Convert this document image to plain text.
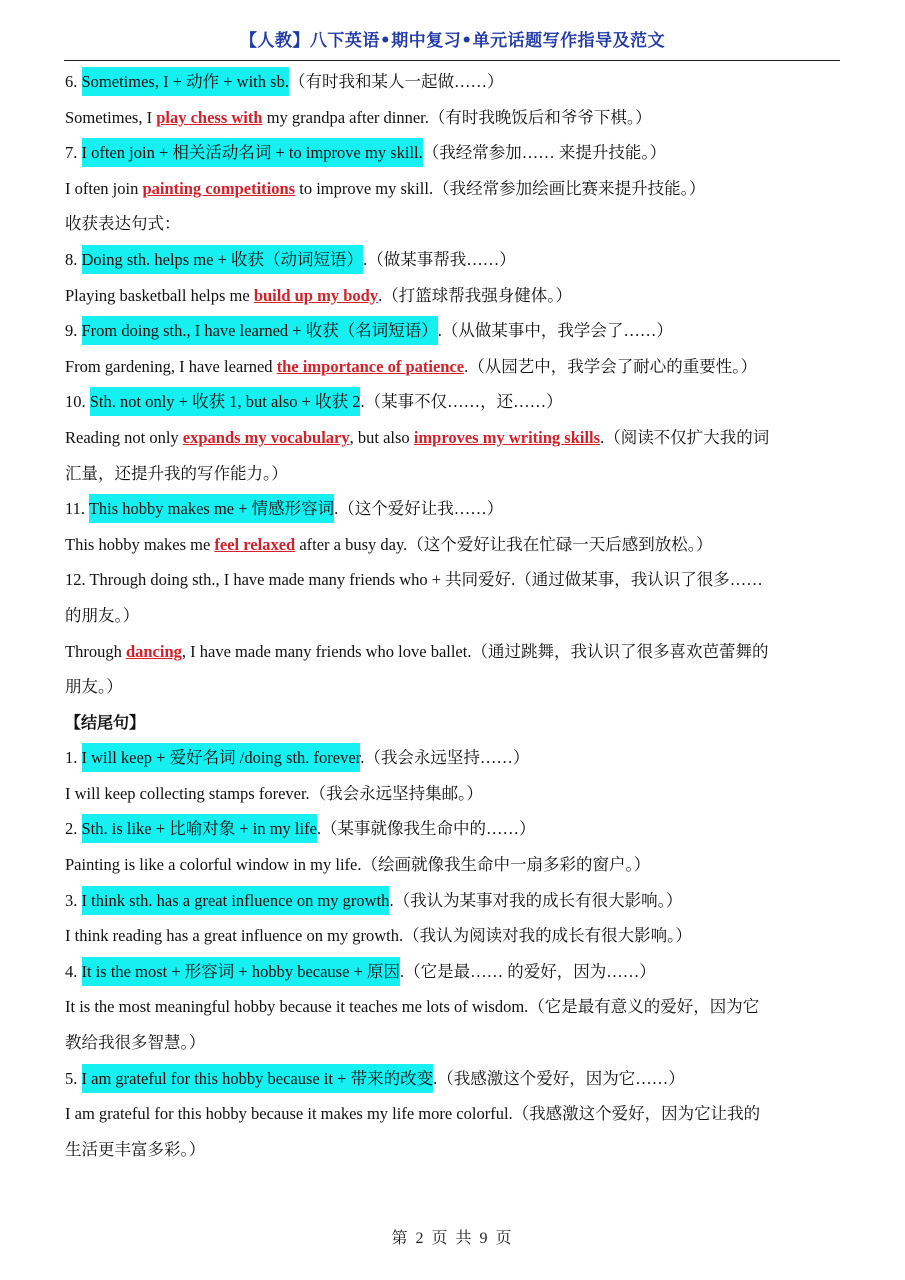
【人教】八下英语•期中复习•单元话题写作指导及范文
6. Sometimes, I + 动作 + with sb.（有时我和某人一起做……）
Sometimes, I play chess with my grandpa after dinner.（有时我晚饭后和爷爷下棋。）
7. I often join + 相关活动名词 + to improve my skill.（我经常参加…… 来提升技能。）
I often join painting competitions to improve my skill.（我经常参加绘画比赛来提升技能。）
收获表达句式：
8. Doing sth. helps me + 收获（动词短语）.（做某事帮我……）
Playing basketball helps me build up my body.（打篮球帮我强身健体。）
9. From doing sth., I have learned + 收获（名词短语）.（从做某事中，我学会了……）
From gardening, I have learned the importance of patience.（从园艺中，我学会了耐心的重要性。）
10. Sth. not only + 收获 1, but also + 收获 2.（某事不仅……，还……）
Reading not only expands my vocabulary, but also improves my writing skills.（阅读不仅扩大我的词
汇量，还提升我的写作能力。）
11. This hobby makes me + 情感形容词.（这个爱好让我……）
This hobby makes me feel relaxed after a busy day.（这个爱好让我在忙碌一天后感到放松。）
12. Through doing sth., I have made many friends who + 共同爱好.（通过做某事，我认识了很多……
的朋友。）
Through dancing, I have made many friends who love ballet.（通过跳舞，我认识了很多喜欢芭蕾舞的
朋友。）
【结尾句】
1. I will keep + 爱好名词 /doing sth. forever.（我会永远坚持……）
I will keep collecting stamps forever.（我会永远坚持集邮。）
2. Sth. is like + 比喻对象 + in my life.（某事就像我生命中的……）
Painting is like a colorful window in my life.（绘画就像我生命中一扇多彩的窗户。）
3. I think sth. has a great influence on my growth.（我认为某事对我的成长有很大影响。）
I think reading has a great influence on my growth.（我认为阅读对我的成长有很大影响。）
4. It is the most + 形容词 + hobby because + 原因.（它是最…… 的爱好，因为……）
It is the most meaningful hobby because it teaches me lots of wisdom.（它是最有意义的爱好，因为它
教给我很多智慧。）
5. I am grateful for this hobby because it + 带来的改变.（我感激这个爱好，因为它……）
I am grateful for this hobby because it makes my life more colorful.（我感激这个爱好，因为它让我的
生活更丰富多彩。）
第 2 页 共 9 页
